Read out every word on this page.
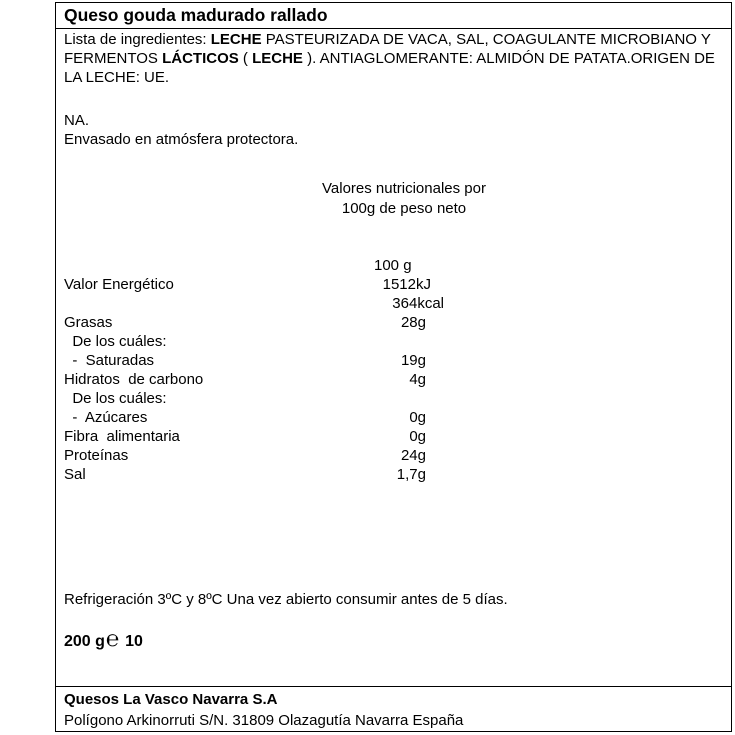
Queso gouda madurado rallado
Lista de ingredientes: LECHE PASTEURIZADA DE VACA, SAL, COAGULANTE MICROBIANO Y FERMENTOS LÁCTICOS ( LECHE ). ANTIAGLOMERANTE: ALMIDÓN DE PATATA.ORIGEN DE LA LECHE: UE.
NA.
Envasado en atmósfera protectora.
Valores nutricionales por
100g de peso neto
100 g
Valor Energético	1512kJ
364kcal
Grasas	28g
De los cuáles:
-  Saturadas	19g
Hidratos  de carbono	4g
De los cuáles:
-  Azúcares	0g
Fibra  alimentaria	0g
Proteínas	24g
Sal	1,7g
Refrigeración 3ºC y 8ºC Una vez abierto consumir antes de 5 días.
200 g℮ 10
Quesos La Vasco Navarra S.A
Polígono Arkinorruti S/N. 31809 Olazagutía Navarra España
